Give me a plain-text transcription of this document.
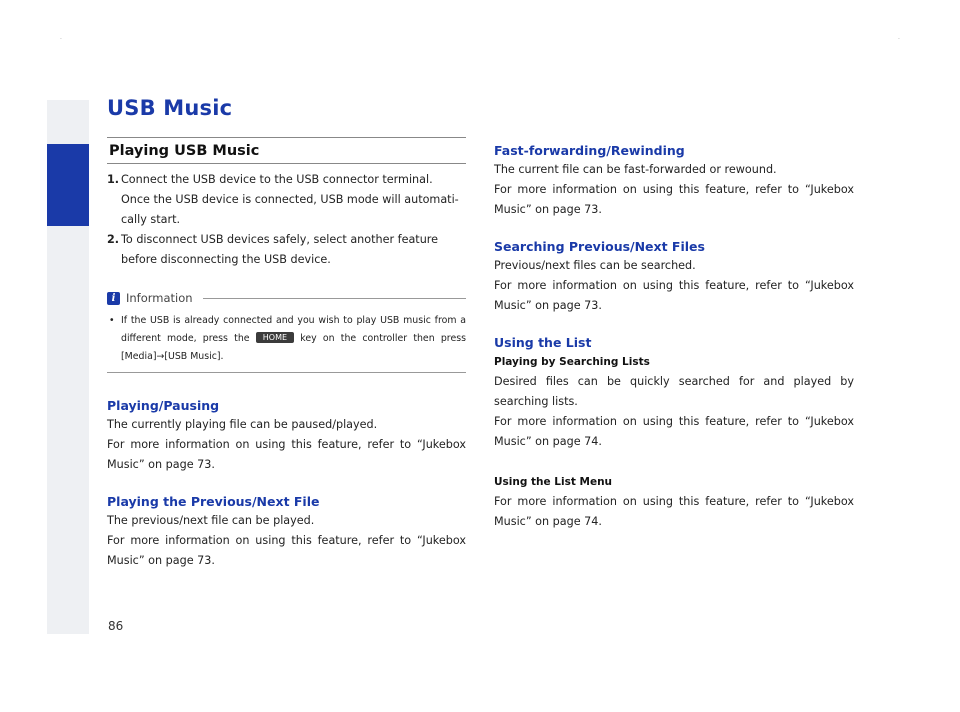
·	·
USB Music
Playing USB Music
1. Connect the USB device to the USB connector terminal.
Once the USB device is connected, USB mode will automati-
cally start.
2. To disconnect USB devices safely, select another feature
before disconnecting the USB device.
i Information
• If the USB is already connected and you wish to play USB music from a different mode, press the HOME key on the controller then press [Media]→[USB Music].
Playing/Pausing
The currently playing file can be paused/played.
For more information on using this feature, refer to “Jukebox Music” on page 73.
Playing the Previous/Next File
The previous/next file can be played.
For more information on using this feature, refer to “Jukebox Music” on page 73.
Fast-forwarding/Rewinding
The current file can be fast-forwarded or rewound.
For more information on using this feature, refer to “Jukebox Music” on page 73.
Searching Previous/Next Files
Previous/next files can be searched.
For more information on using this feature, refer to “Jukebox Music” on page 73.
Using the List
Playing by Searching Lists
Desired files can be quickly searched for and played by searching lists.
For more information on using this feature, refer to “Jukebox Music” on page 74.
Using the List Menu
For more information on using this feature, refer to “Jukebox Music” on page 74.
86
